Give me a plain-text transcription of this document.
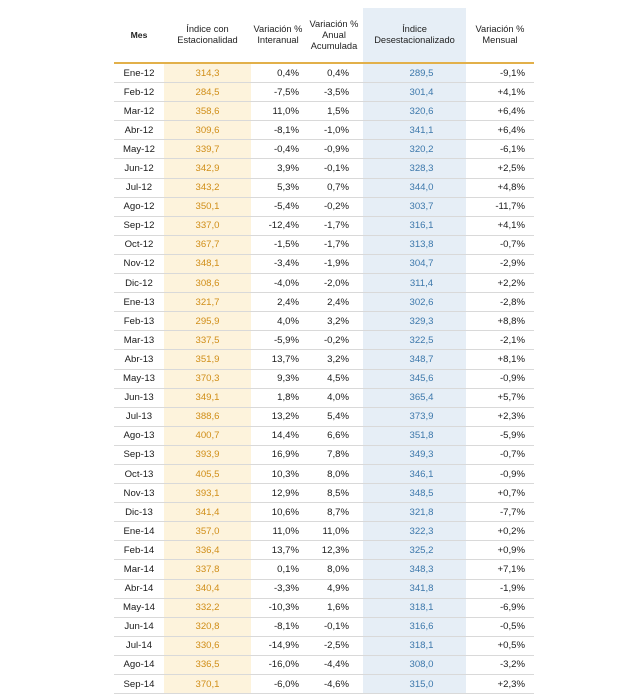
Mes	Índice con Estacionalidad	Variación % Interanual	Variación % Anual Acumulada	Índice Desestacionalizado	Variación % Mensual
Ene-12	314,3	0,4%	0,4%	289,5	-9,1%
Feb-12	284,5	-7,5%	-3,5%	301,4	+4,1%
Mar-12	358,6	11,0%	1,5%	320,6	+6,4%
Abr-12	309,6	-8,1%	-1,0%	341,1	+6,4%
May-12	339,7	-0,4%	-0,9%	320,2	-6,1%
Jun-12	342,9	3,9%	-0,1%	328,3	+2,5%
Jul-12	343,2	5,3%	0,7%	344,0	+4,8%
Ago-12	350,1	-5,4%	-0,2%	303,7	-11,7%
Sep-12	337,0	-12,4%	-1,7%	316,1	+4,1%
Oct-12	367,7	-1,5%	-1,7%	313,8	-0,7%
Nov-12	348,1	-3,4%	-1,9%	304,7	-2,9%
Dic-12	308,6	-4,0%	-2,0%	311,4	+2,2%
Ene-13	321,7	2,4%	2,4%	302,6	-2,8%
Feb-13	295,9	4,0%	3,2%	329,3	+8,8%
Mar-13	337,5	-5,9%	-0,2%	322,5	-2,1%
Abr-13	351,9	13,7%	3,2%	348,7	+8,1%
May-13	370,3	9,3%	4,5%	345,6	-0,9%
Jun-13	349,1	1,8%	4,0%	365,4	+5,7%
Jul-13	388,6	13,2%	5,4%	373,9	+2,3%
Ago-13	400,7	14,4%	6,6%	351,8	-5,9%
Sep-13	393,9	16,9%	7,8%	349,3	-0,7%
Oct-13	405,5	10,3%	8,0%	346,1	-0,9%
Nov-13	393,1	12,9%	8,5%	348,5	+0,7%
Dic-13	341,4	10,6%	8,7%	321,8	-7,7%
Ene-14	357,0	11,0%	11,0%	322,3	+0,2%
Feb-14	336,4	13,7%	12,3%	325,2	+0,9%
Mar-14	337,8	0,1%	8,0%	348,3	+7,1%
Abr-14	340,4	-3,3%	4,9%	341,8	-1,9%
May-14	332,2	-10,3%	1,6%	318,1	-6,9%
Jun-14	320,8	-8,1%	-0,1%	316,6	-0,5%
Jul-14	330,6	-14,9%	-2,5%	318,1	+0,5%
Ago-14	336,5	-16,0%	-4,4%	308,0	-3,2%
Sep-14	370,1	-6,0%	-4,6%	315,0	+2,3%
